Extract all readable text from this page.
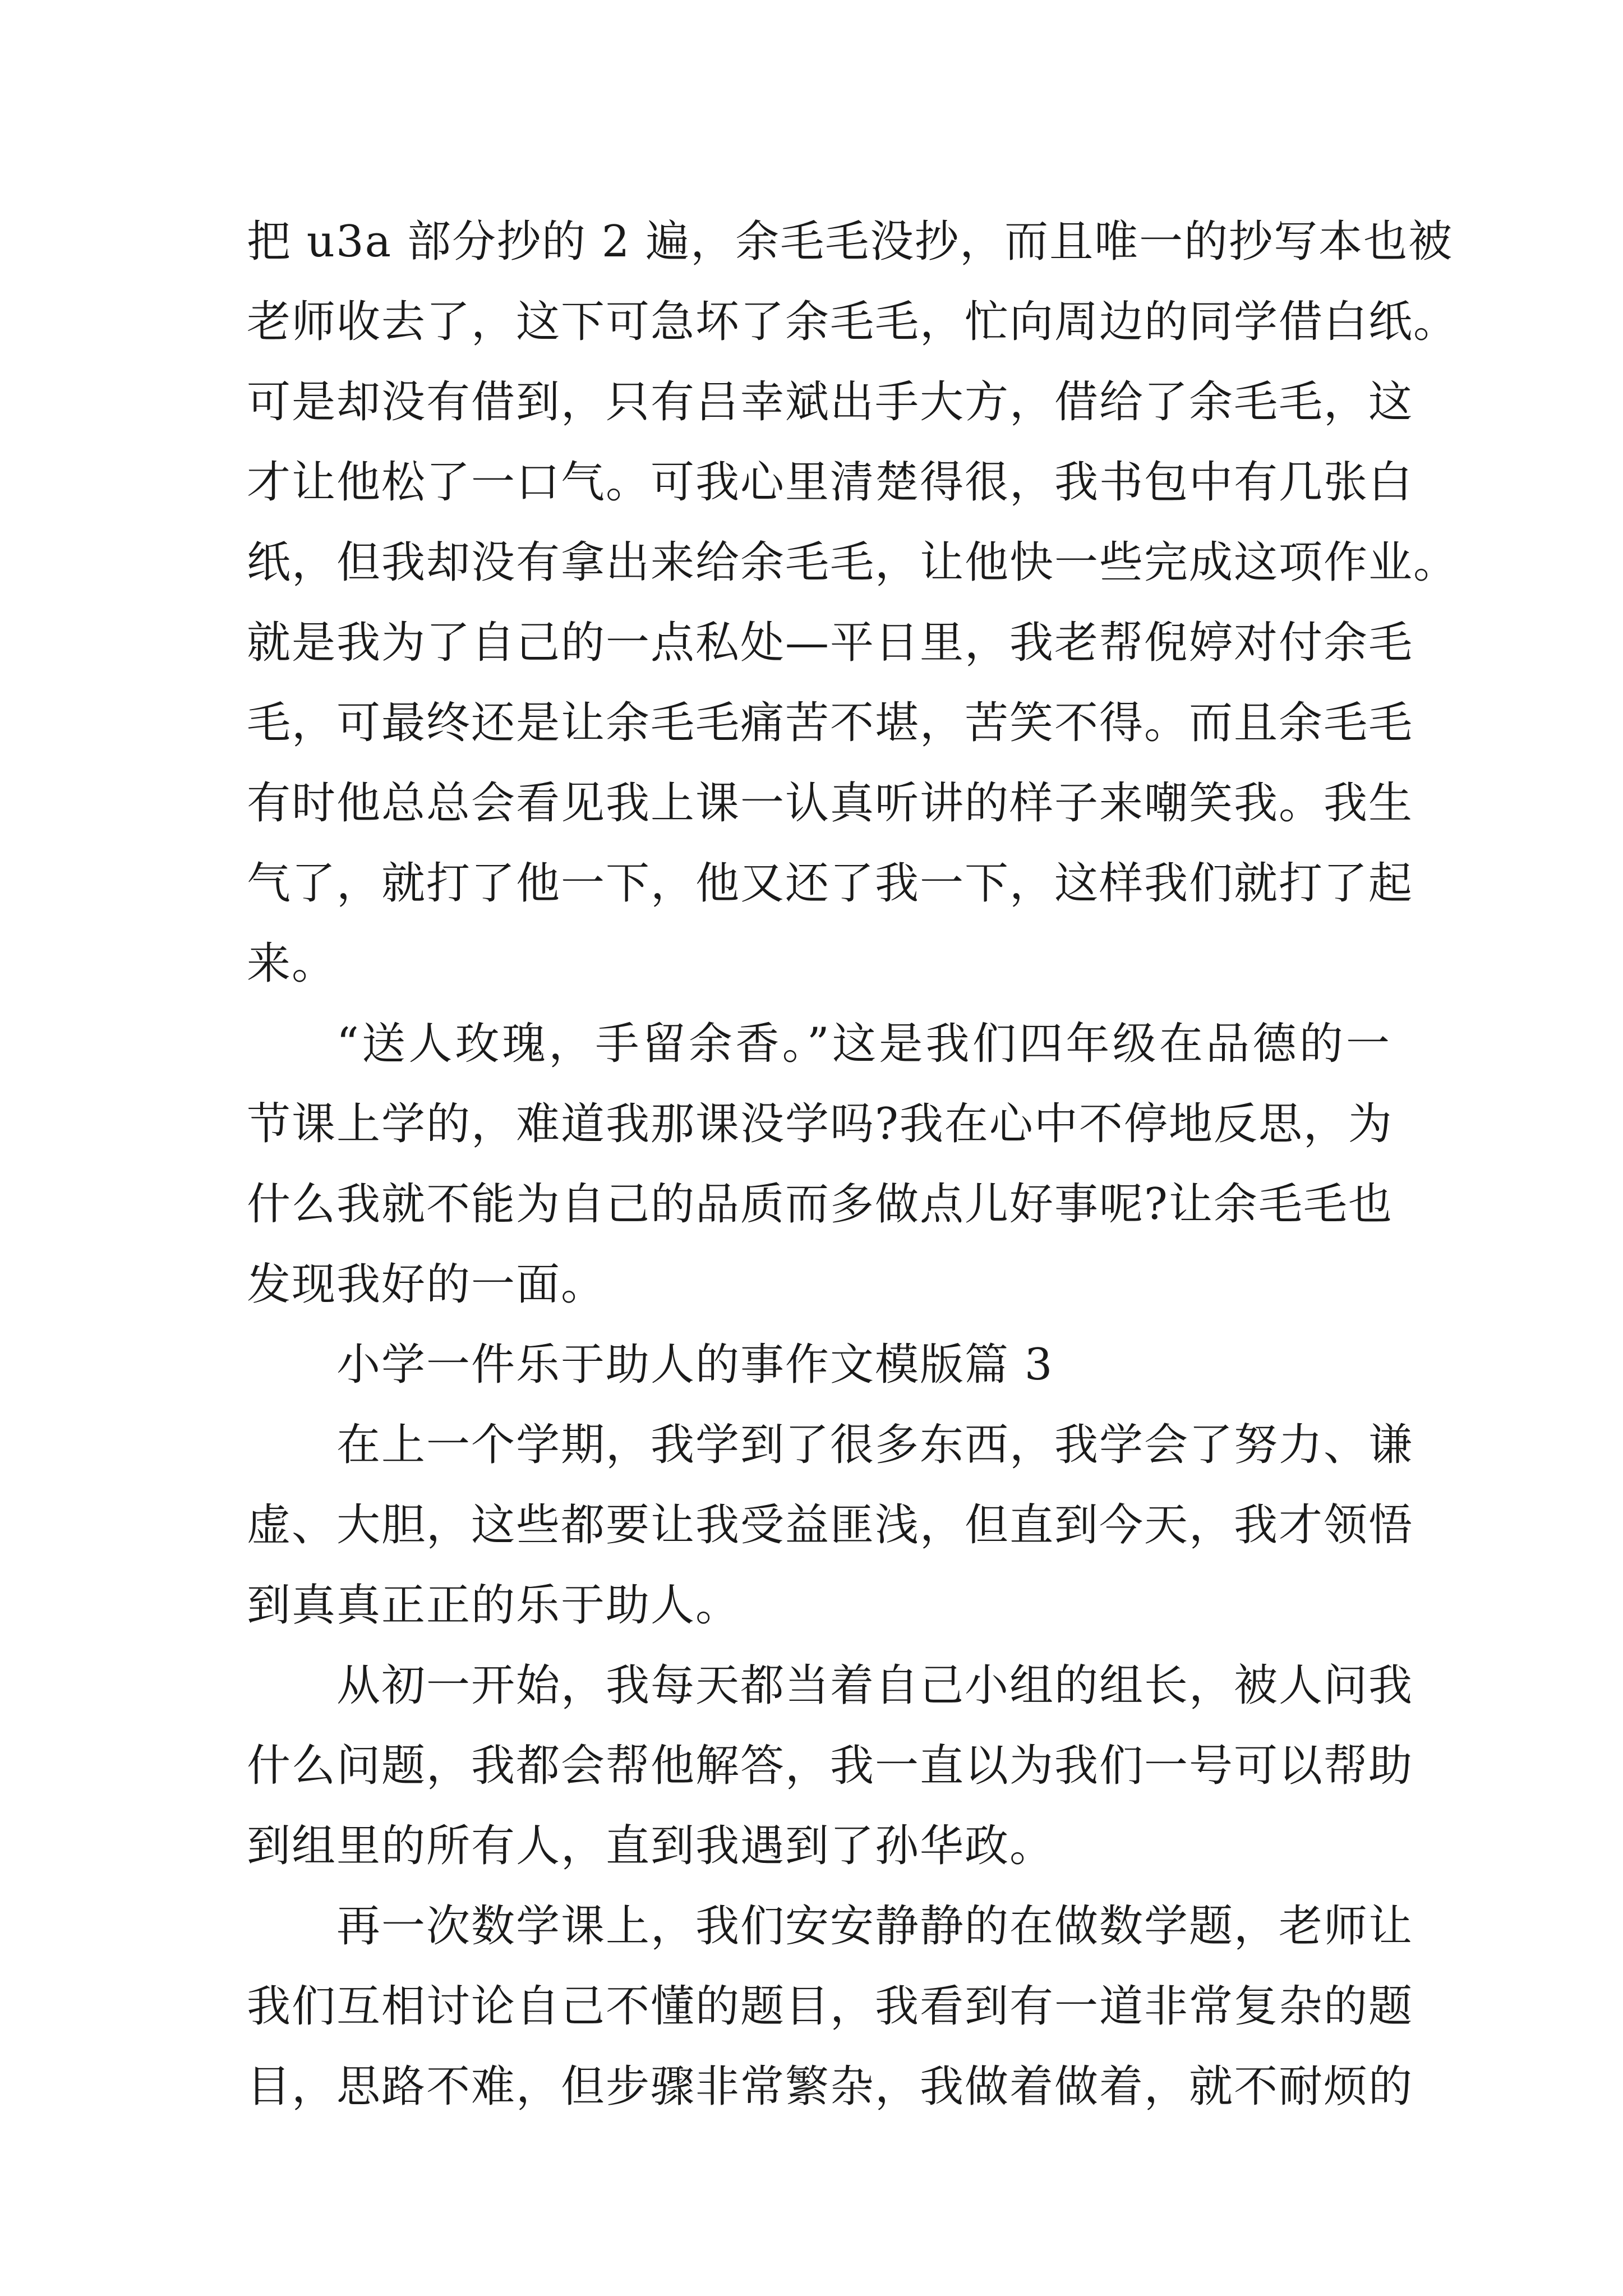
把 u3a 部分抄的 2 遍，余毛毛没抄，而且唯一的抄写本也被
老师收去了，这下可急坏了余毛毛，忙向周边的同学借白纸。
可是却没有借到，只有吕幸斌出手大方，借给了余毛毛，这
才让他松了一口气。可我心里清楚得很，我书包中有几张白
纸，但我却没有拿出来给余毛毛，让他快一些完成这项作业。
就是我为了自己的一点私处—平日里，我老帮倪婷对付余毛
毛，可最终还是让余毛毛痛苦不堪，苦笑不得。而且余毛毛
有时他总总会看见我上课一认真听讲的样子来嘲笑我。我生
气了，就打了他一下，他又还了我一下，这样我们就打了起
来。
“送人玫瑰，手留余香。”这是我们四年级在品德的一
节课上学的，难道我那课没学吗?我在心中不停地反思，为
什么我就不能为自己的品质而多做点儿好事呢?让余毛毛也
发现我好的一面。
小学一件乐于助人的事作文模版篇 3
在上一个学期，我学到了很多东西，我学会了努力、谦
虚、大胆，这些都要让我受益匪浅，但直到今天，我才领悟
到真真正正的乐于助人。
从初一开始，我每天都当着自己小组的组长，被人问我
什么问题，我都会帮他解答，我一直以为我们一号可以帮助
到组里的所有人，直到我遇到了孙华政。
再一次数学课上，我们安安静静的在做数学题，老师让
我们互相讨论自己不懂的题目，我看到有一道非常复杂的题
目，思路不难，但步骤非常繁杂，我做着做着，就不耐烦的
